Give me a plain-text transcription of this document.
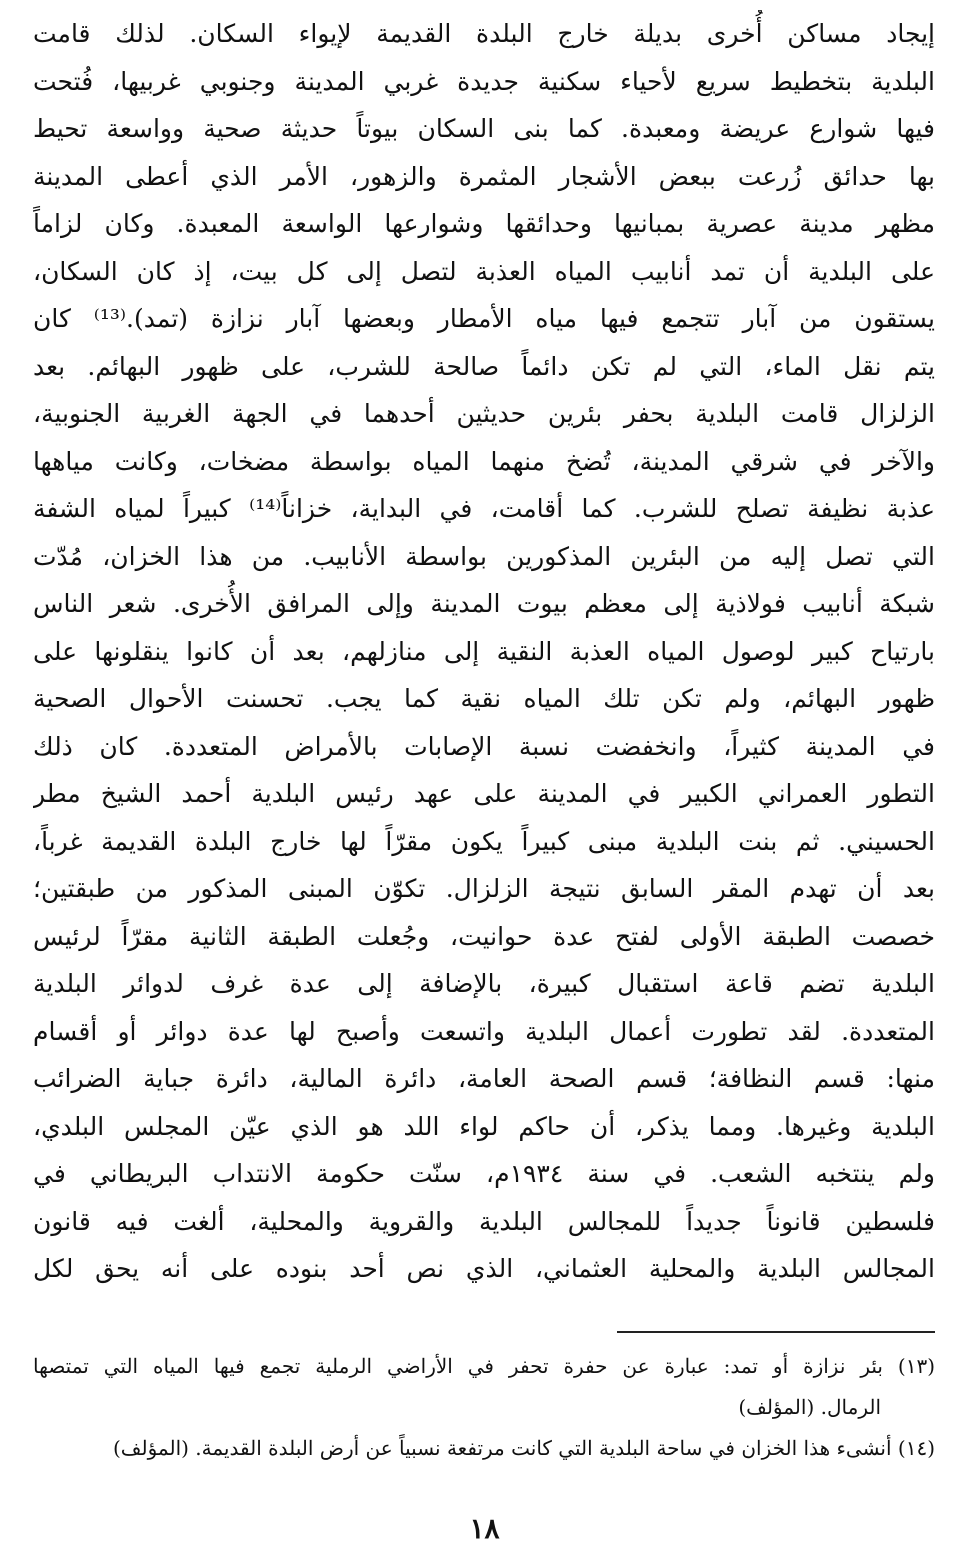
إيجاد مساكن أُخرى بديلة خارج البلدة القديمة لإيواء السكان. لذلك قامت
البلدية بتخطيط سريع لأحياء سكنية جديدة غربي المدينة وجنوبي غربيها، فُتحت
فيها شوارع عريضة ومعبدة. كما بنى السكان بيوتاً حديثة صحية وواسعة تحيط
بها حدائق زُرعت ببعض الأشجار المثمرة والزهور، الأمر الذي أعطى المدينة
مظهر مدينة عصرية بمبانيها وحدائقها وشوارعها الواسعة المعبدة. وكان لزاماً
على البلدية أن تمد أنابيب المياه العذبة لتصل إلى كل بيت، إذ كان السكان،
يستقون من آبار تتجمع فيها مياه الأمطار وبعضها آبار نزازة (تمد).⁽¹³⁾ كان
يتم نقل الماء، التي لم تكن دائماً صالحة للشرب، على ظهور البهائم. بعد
الزلزال قامت البلدية بحفر بئرين حديثين أحدهما في الجهة الغربية الجنوبية،
والآخر في شرقي المدينة، تُضخ منهما المياه بواسطة مضخات، وكانت مياهها
عذبة نظيفة تصلح للشرب. كما أقامت، في البداية، خزاناً⁽¹⁴⁾ كبيراً لمياه الشفة
التي تصل إليه من البئرين المذكورين بواسطة الأنابيب. من هذا الخزان، مُدّت
شبكة أنابيب فولاذية إلى معظم بيوت المدينة وإلى المرافق الأُخرى. شعر الناس
بارتياح كبير لوصول المياه العذبة النقية إلى منازلهم، بعد أن كانوا ينقلونها على
ظهور البهائم، ولم تكن تلك المياه نقية كما يجب. تحسنت الأحوال الصحية
في المدينة كثيراً، وانخفضت نسبة الإصابات بالأمراض المتعددة. كان ذلك
التطور العمراني الكبير في المدينة على عهد رئيس البلدية أحمد الشيخ مطر
الحسيني. ثم بنت البلدية مبنى كبيراً يكون مقرّاً لها خارج البلدة القديمة غرباً،
بعد أن تهدم المقر السابق نتيجة الزلزال. تكوّن المبنى المذكور من طبقتين؛
خصصت الطبقة الأولى لفتح عدة حوانيت، وجُعلت الطبقة الثانية مقرّاً لرئيس
البلدية تضم قاعة استقبال كبيرة، بالإضافة إلى عدة غرف لدوائر البلدية
المتعددة. لقد تطورت أعمال البلدية واتسعت وأصبح لها عدة دوائر أو أقسام
منها: قسم النظافة؛ قسم الصحة العامة، دائرة المالية، دائرة جباية الضرائب
البلدية وغيرها. ومما يذكر، أن حاكم لواء اللد هو الذي عيّن المجلس البلدي،
ولم ينتخبه الشعب. في سنة ١٩٣٤م، سنّت حكومة الانتداب البريطاني في
فلسطين قانوناً جديداً للمجالس البلدية والقروية والمحلية، ألغت فيه قانون
المجالس البلدية والمحلية العثماني، الذي نص أحد بنوده على أنه يحق لكل
(١٣) بئر نزازة أو تمد: عبارة عن حفرة تحفر في الأراضي الرملية تجمع فيها المياه التي تمتصها
الرمال. (المؤلف)
(١٤) أنشىء هذا الخزان في ساحة البلدية التي كانت مرتفعة نسبياً عن أرض البلدة القديمة. (المؤلف)
١٨
